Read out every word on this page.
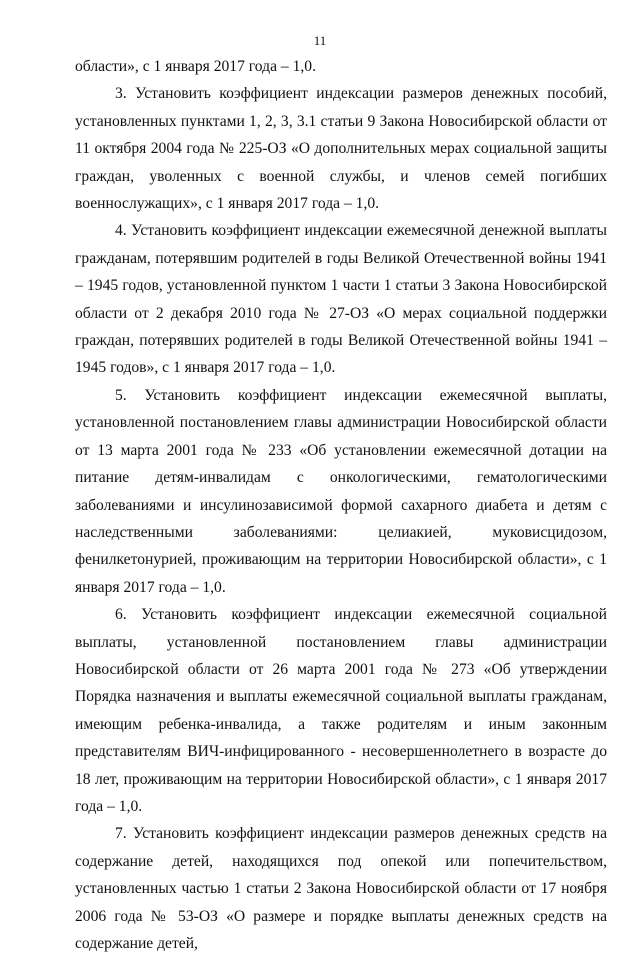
11

области», с 1 января 2017 года – 1,0.

3. Установить коэффициент индексации размеров денежных пособий, установленных пунктами 1, 2, 3, 3.1 статьи 9 Закона Новосибирской области от 11 октября 2004 года № 225-ОЗ «О дополнительных мерах социальной защиты граждан, уволенных с военной службы, и членов семей погибших военнослужащих», с 1 января 2017 года – 1,0.

4. Установить коэффициент индексации ежемесячной денежной выплаты гражданам, потерявшим родителей в годы Великой Отечественной войны 1941 – 1945 годов, установленной пунктом 1 части 1 статьи 3 Закона Новосибирской области от 2 декабря 2010 года № 27-ОЗ «О мерах социальной поддержки граждан, потерявших родителей в годы Великой Отечественной войны 1941 – 1945 годов», с 1 января 2017 года – 1,0.

5. Установить коэффициент индексации ежемесячной выплаты, установленной постановлением главы администрации Новосибирской области от 13 марта 2001 года № 233 «Об установлении ежемесячной дотации на питание детям-инвалидам с онкологическими, гематологическими заболеваниями и инсулинозависимой формой сахарного диабета и детям с наследственными заболеваниями: целиакией, муковисцидозом, фенилкетонурией, проживающим на территории Новосибирской области», с 1 января 2017 года – 1,0.

6. Установить коэффициент индексации ежемесячной социальной выплаты, установленной постановлением главы администрации Новосибирской области от 26 марта 2001 года № 273 «Об утверждении Порядка назначения и выплаты ежемесячной социальной выплаты гражданам, имеющим ребенка-инвалида, а также родителям и иным законным представителям ВИЧ-инфицированного - несовершеннолетнего в возрасте до 18 лет, проживающим на территории Новосибирской области», с 1 января 2017 года – 1,0.

7. Установить коэффициент индексации размеров денежных средств на содержание детей, находящихся под опекой или попечительством, установленных частью 1 статьи 2 Закона Новосибирской области от 17 ноября 2006 года № 53-ОЗ «О размере и порядке выплаты денежных средств на содержание детей,
